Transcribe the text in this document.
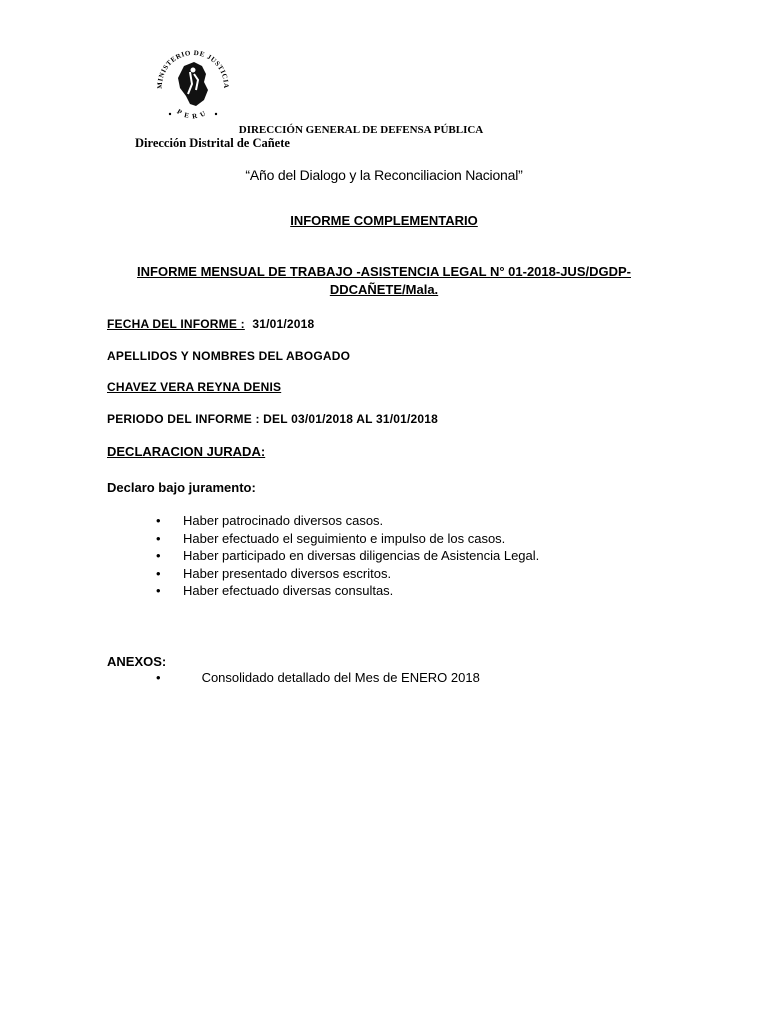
MINISTERIO DE JUSTICIA
PERU
DIRECCIÓN GENERAL DE DEFENSA PÚBLICA
Dirección Distrital de Cañete
“Año del Dialogo y la Reconciliacion Nacional”
INFORME COMPLEMENTARIO
INFORME MENSUAL DE TRABAJO -ASISTENCIA LEGAL N° 01-2018-JUS/DGDP-DDCAÑETE/Mala.
FECHA DEL INFORME : 31/01/2018
APELLIDOS Y NOMBRES DEL ABOGADO
CHAVEZ VERA REYNA DENIS
PERIODO DEL INFORME : DEL 03/01/2018 AL 31/01/2018
DECLARACION JURADA:
Declaro bajo juramento:
• Haber patrocinado diversos casos.
• Haber efectuado el seguimiento e impulso de los casos.
• Haber participado en diversas diligencias de Asistencia Legal.
• Haber presentado diversos escritos.
• Haber efectuado diversas consultas.
ANEXOS:
•	Consolidado detallado del Mes de ENERO 2018
